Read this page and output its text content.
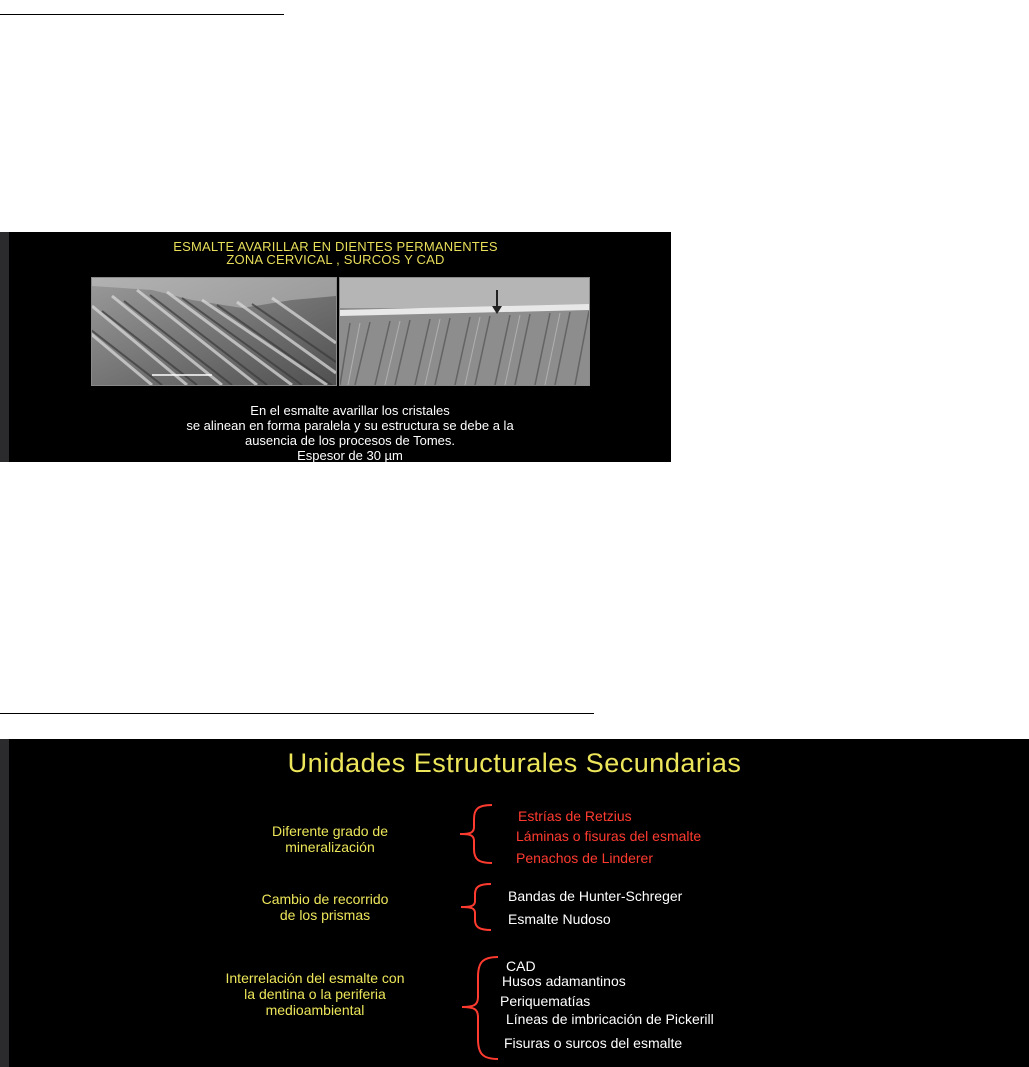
ESMALTE AVARILLAR EN DIENTES PERMANENTES
ZONA CERVICAL , SURCOS Y CAD
En el esmalte avarillar los cristales
se alinean en forma paralela y su estructura se debe a la
ausencia de los procesos de Tomes.
Espesor de 30 µm
Unidades Estructurales Secundarias
Diferente grado de
mineralización
Estrías de Retzius
Láminas o fisuras del esmalte
Penachos de Linderer
Cambio de recorrido
de los prismas
Bandas de Hunter-Schreger
Esmalte Nudoso
Interrelación del esmalte con
la dentina o la periferia
medioambiental
CAD
Husos adamantinos
Periquematías
Líneas de imbricación de Pickerill
Fisuras o surcos del esmalte
